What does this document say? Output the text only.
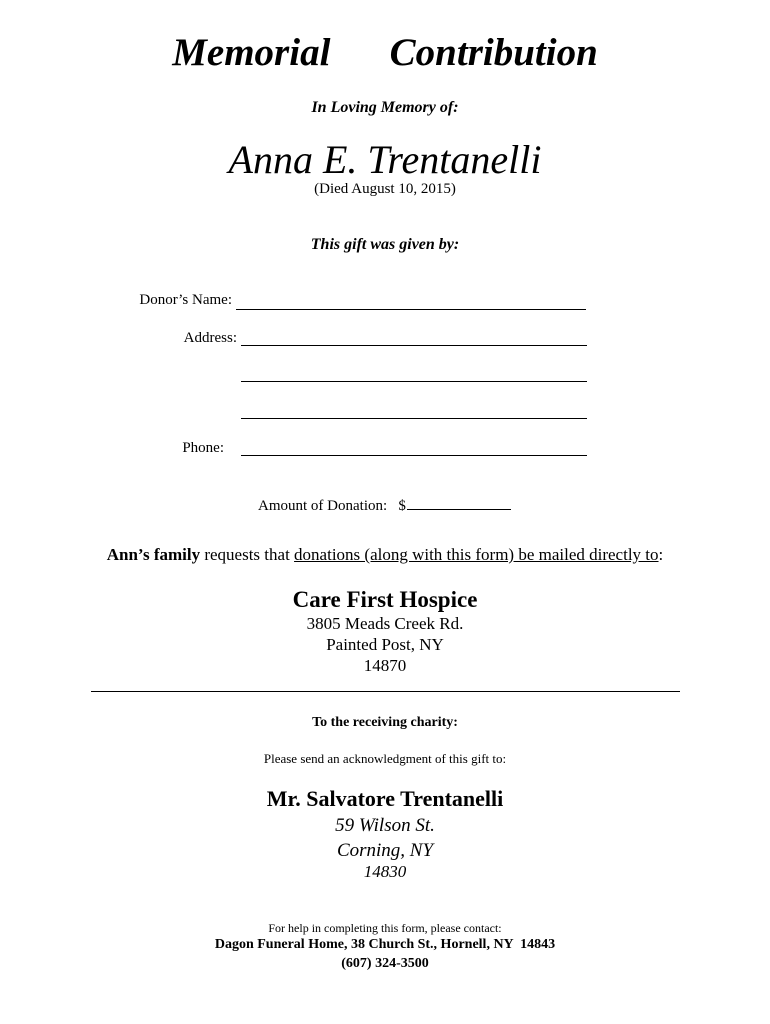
Memorial   Contribution
In Loving Memory of:
Anna E. Trentanelli
(Died August 10, 2015)
This gift was given by:
Donor’s Name:
Address:
Phone:
Amount of Donation:   $
Ann’s family requests that donations (along with this form) be mailed directly to:
Care First Hospice
3805 Meads Creek Rd.
Painted Post, NY
14870
To the receiving charity:
Please send an acknowledgment of this gift to:
Mr. Salvatore Trentanelli
59 Wilson St.
Corning, NY
14830
For help in completing this form, please contact:
Dagon Funeral Home, 38 Church St., Hornell, NY  14843
(607) 324-3500
